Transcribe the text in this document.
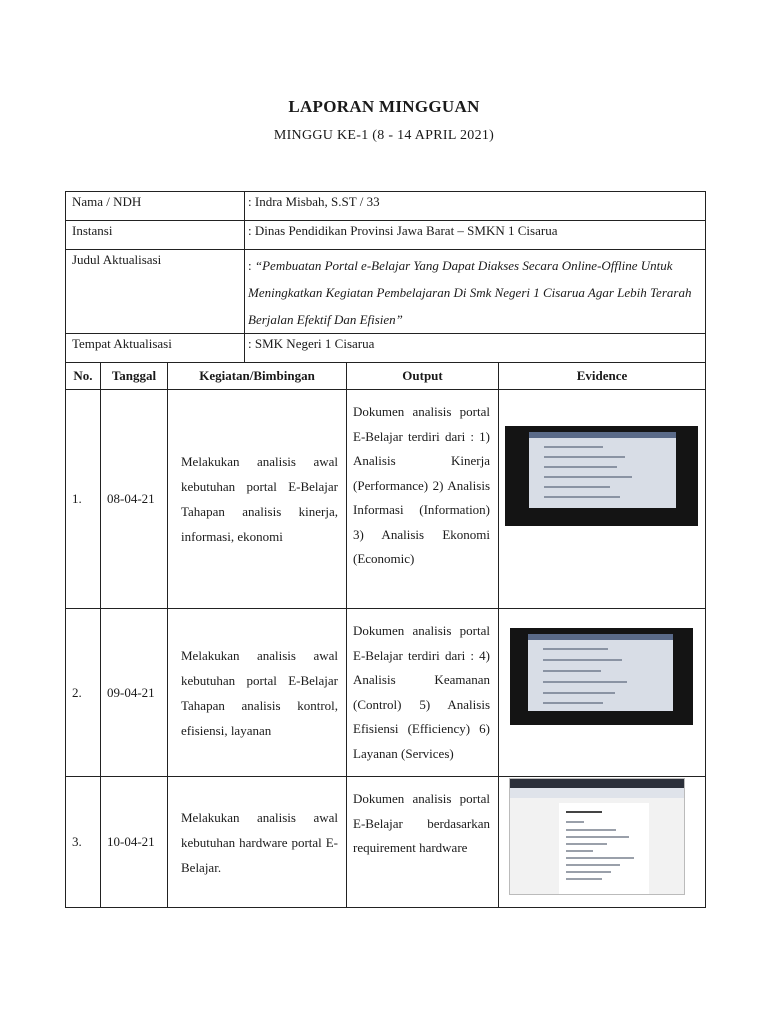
LAPORAN MINGGUAN
MINGGU KE-1 (8 - 14 APRIL 2021)
Nama / NDH			: Indra Misbah, S.ST / 33		
Instansi			: Dinas Pendidikan Provinsi Jawa Barat – SMKN 1 Cisarua		
Judul Aktualisasi			: “Pembuatan Portal e-Belajar Yang Dapat Diakses Secara Online-Offline Untuk Meningkatkan Kegiatan Pembelajaran Di Smk Negeri 1 Cisarua Agar Lebih Terarah Berjalan Efektif Dan Efisien”		
Tempat Aktualisasi			: SMK Negeri 1 Cisarua		
No.	Tanggal	Kegiatan/Bimbingan		Output	Evidence
1.	08-04-21	Melakukan analisis awal kebutuhan portal E-Belajar Tahapan analisis kinerja, informasi, ekonomi		Dokumen analisis portal E-Belajar terdiri dari : 1) Analisis Kinerja (Performance) 2) Analisis Informasi (Information) 3) Analisis Ekonomi (Economic)	

2.	09-04-21	Melakukan analisis awal kebutuhan portal E-Belajar Tahapan analisis kontrol, efisiensi, layanan		Dokumen analisis portal E-Belajar terdiri dari : 4) Analisis Keamanan (Control) 5) Analisis Efisiensi (Efficiency) 6) Layanan (Services)	

3.	10-04-21	Melakukan analisis awal kebutuhan hardware portal E-Belajar.		Dokumen analisis portal E-Belajar berdasarkan requirement hardware	
